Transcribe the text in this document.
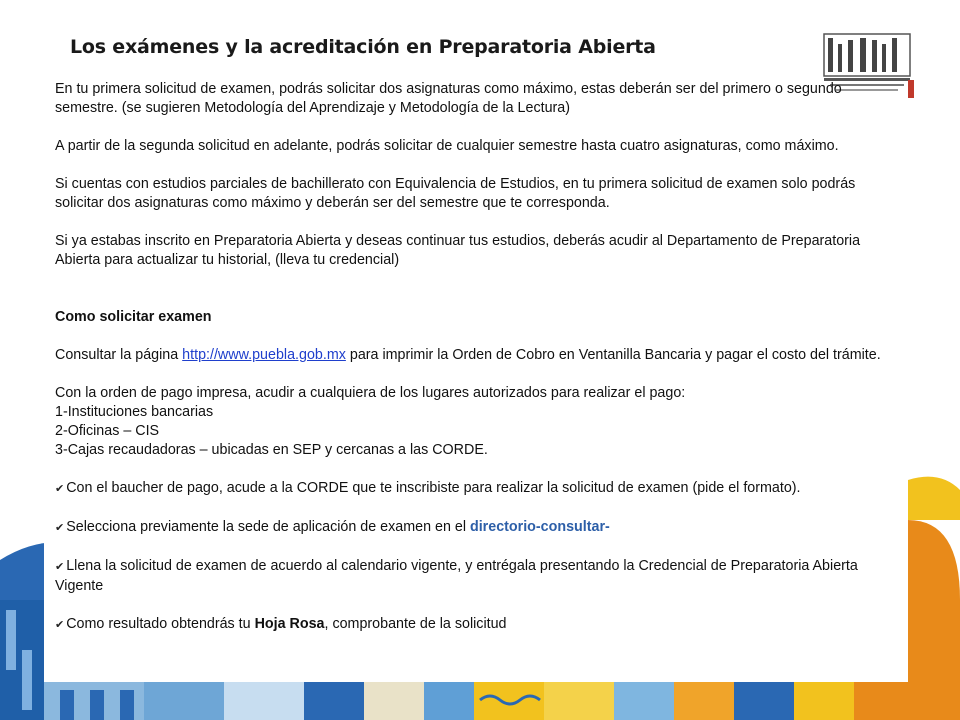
Los exámenes y la acreditación en Preparatoria Abierta

En tu primera solicitud de examen, podrás solicitar dos asignaturas como máximo, estas deberán ser del primero o segundo semestre. (se sugieren Metodología del Aprendizaje y Metodología de la Lectura)

A partir de la segunda solicitud en adelante, podrás solicitar de cualquier semestre hasta cuatro asignaturas, como máximo.

Si cuentas con estudios parciales de bachillerato con Equivalencia de Estudios, en tu primera solicitud de examen solo podrás solicitar dos asignaturas como máximo y deberán ser del semestre que te corresponda.

Si ya estabas inscrito en Preparatoria Abierta y deseas continuar tus estudios, deberás acudir al Departamento de Preparatoria Abierta para actualizar tu historial, (lleva tu credencial)

Como solicitar examen

Consultar la página http://www.puebla.gob.mx para imprimir la Orden de Cobro en Ventanilla Bancaria y pagar el costo del trámite.

Con la orden de pago impresa, acudir a cualquiera de los lugares autorizados para realizar el pago:

1-Instituciones bancarias

2-Oficinas – CIS

3-Cajas recaudadoras – ubicadas en SEP y cercanas a las CORDE.

✔ Con el baucher de pago, acude a la CORDE que te inscribiste para realizar la solicitud de examen (pide el formato).

✔ Selecciona previamente la sede de aplicación de examen en el directorio-consultar-

✔ Llena la solicitud de examen de acuerdo al calendario vigente, y entrégala presentando la Credencial de Preparatoria Abierta Vigente

✔ Como resultado obtendrás tu Hoja Rosa, comprobante de la solicitud
